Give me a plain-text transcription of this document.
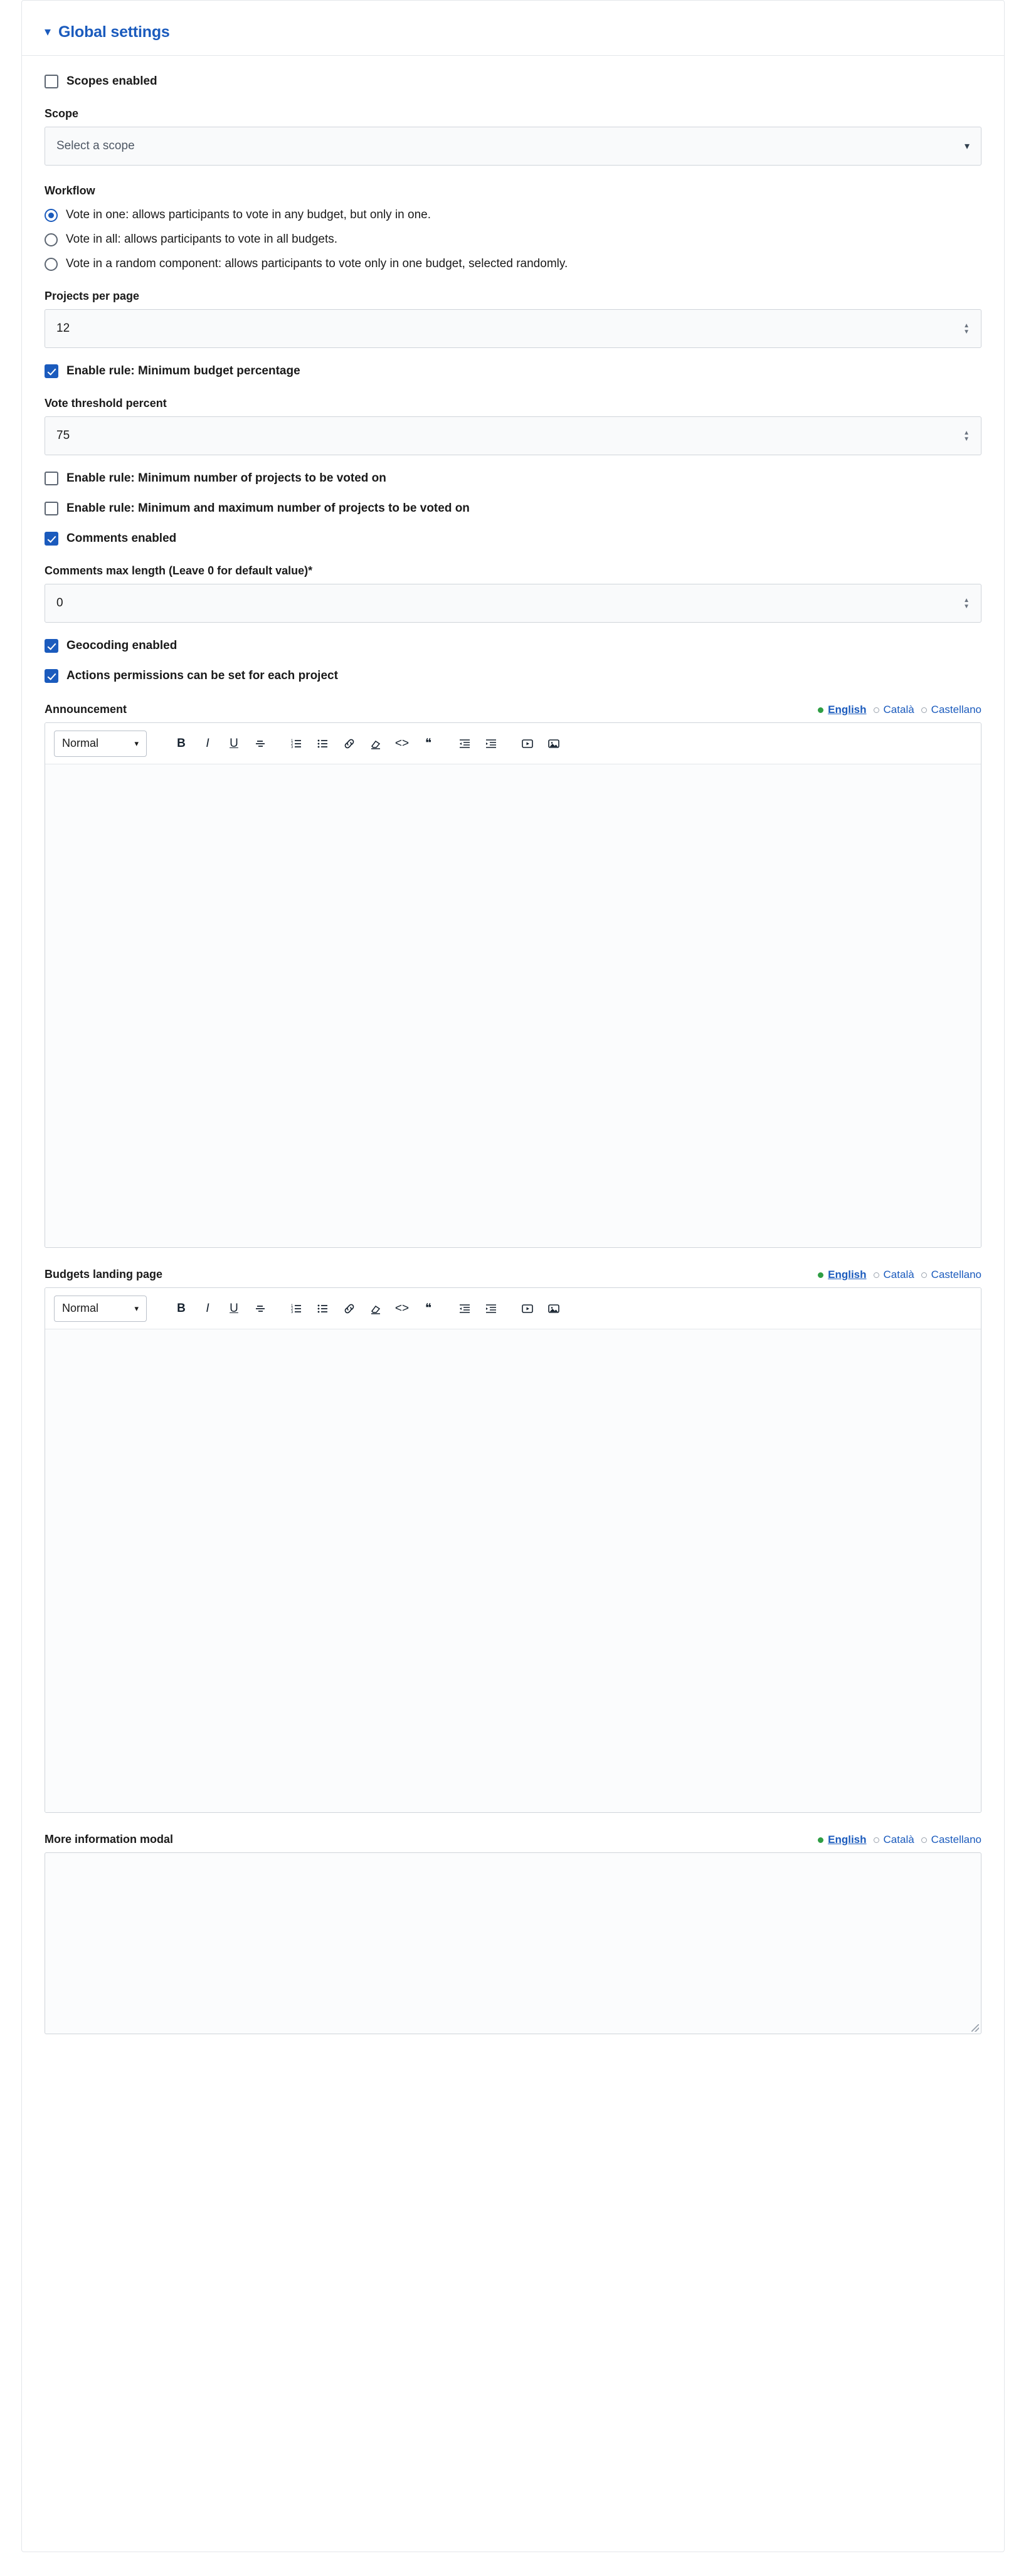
▾ Global settings
Scopes enabled
Scope
Select a scope	▾
Workflow
Vote in one: allows participants to vote in any budget, but only in one.
Vote in all: allows participants to vote in all budgets.
Vote in a random component: allows participants to vote only in one budget, selected randomly.
Projects per page
12	▲
▼
Enable rule: Minimum budget percentage
Vote threshold percent
75	▲
▼
Enable rule: Minimum number of projects to be voted on
Enable rule: Minimum and maximum number of projects to be voted on
Comments enabled
Comments max length (Leave 0 for default value)*
0	▲
▼
Geocoding enabled
Actions permissions can be set for each project
Announcement	English Català Castellano
Normal	▾	B I U	1
2
3	<>	❝
Budgets landing page	English Català Castellano
Normal	▾	B I U	1
2
3	<>	❝
More information modal	English Català Castellano
